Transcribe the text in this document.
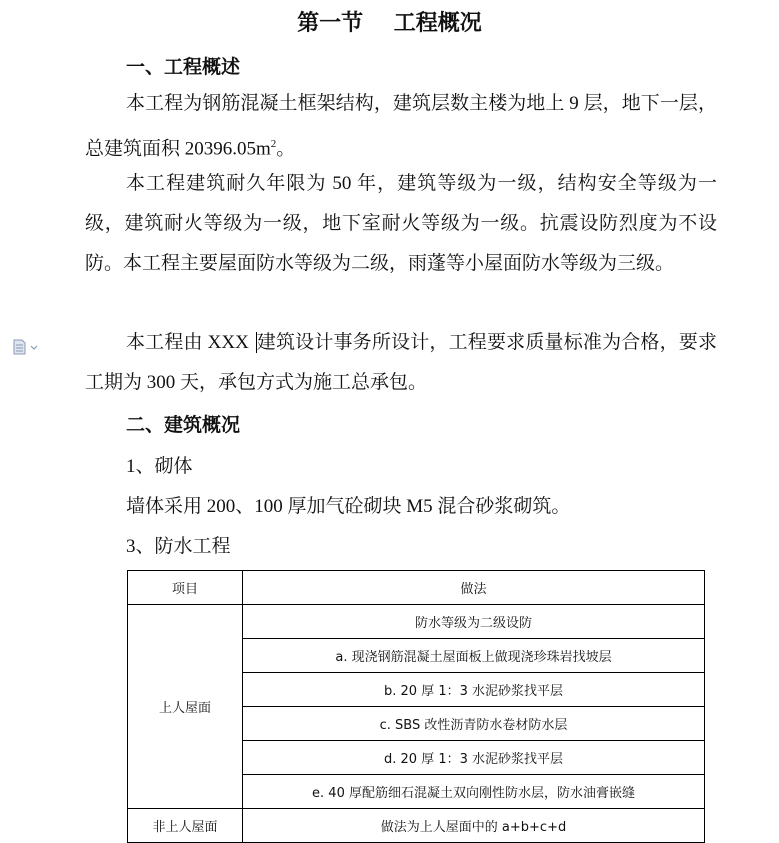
第一节    工程概况
一、工程概述

本工程为钢筋混凝土框架结构，建筑层数主楼为地上 9 层，地下一层，总建筑面积 $20396.05m^2$。

本工程建筑耐久年限为 50 年，建筑等级为一级，结构安全等级为一级，建筑耐火等级为一级，地下室耐火等级为一级。抗震设防烈度为不设防。本工程主要屋面防水等级为二级，雨蓬等小屋面防水等级为三级。

本工程由 XXX 建筑设计事务所设计，工程要求质量标准为合格，要求工期为 300 天，承包方式为施工总承包。

二、建筑概况
1、砌体
墙体采用 200、100 厚加气砼砌块 M5 混合砂浆砌筑。
3、防水工程
项目	做法
上人屋面	防水等级为二级设防
	a. 现浇钢筋混凝土屋面板上做现浇珍珠岩找坡层
	b. 20 厚 1：3 水泥砂浆找平层
	c. SBS 改性沥青防水卷材防水层
	d. 20 厚 1：3 水泥砂浆找平层
	e. 40 厚配筋细石混凝土双向刚性防水层，防水油膏嵌缝
非上人屋面	做法为上人屋面中的 a+b+c+d
